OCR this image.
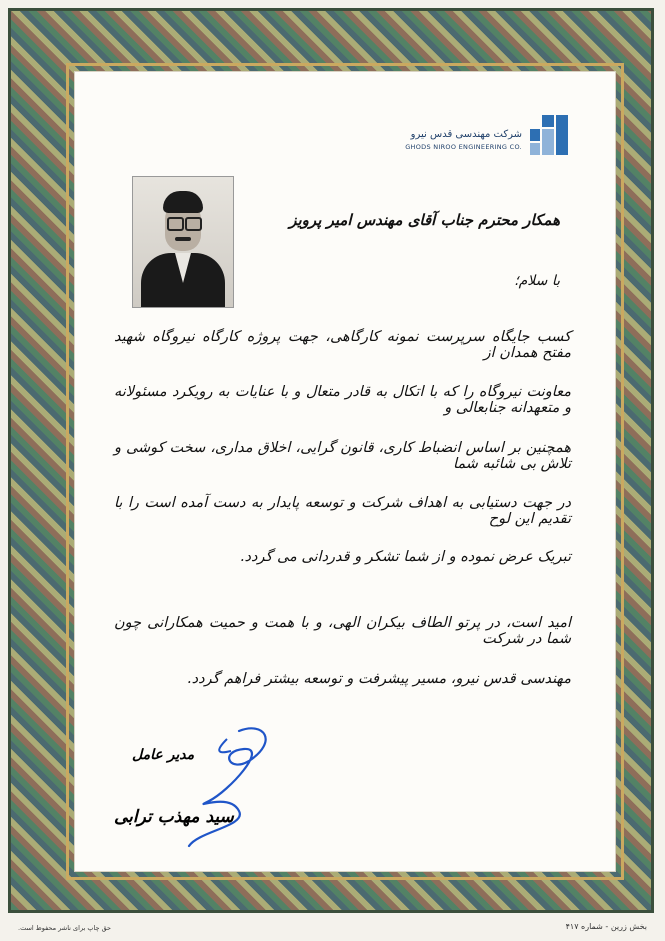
شرکت مهندسی قدس نیرو
GHODS NIROO ENGINEERING CO.
همکار محترم جناب آقای مهندس امیر پرویز
با سلام؛
کسب جایگاه سرپرست نمونه کارگاهی، جهت پروژه کارگاه نیروگاه شهید مفتح همدان از
معاونت نیروگاه را که با اتکال به قادر متعال و با عنایات به رویکرد مسئولانه و متعهدانه جنابعالی و
همچنین بر اساس انضباط کاری، قانون گرایی، اخلاق مداری، سخت کوشی و تلاش بی شائبه شما
در جهت دستیابی به اهداف شرکت و توسعه پایدار به دست آمده است را با تقدیم این لوح
تبریک عرض نموده و از شما تشکر و قدردانی می گردد.
امید است، در پرتو الطاف بیکران الهی، و با همت و حمیت همکارانی چون شما در شرکت
مهندسی قدس نیرو، مسیر پیشرفت و توسعه بیشتر فراهم گردد.
مدیر عامل
سید مهذب ترابی
حق چاپ برای ناشر محفوظ است.	بخش زرین - شماره ۴۱۷
